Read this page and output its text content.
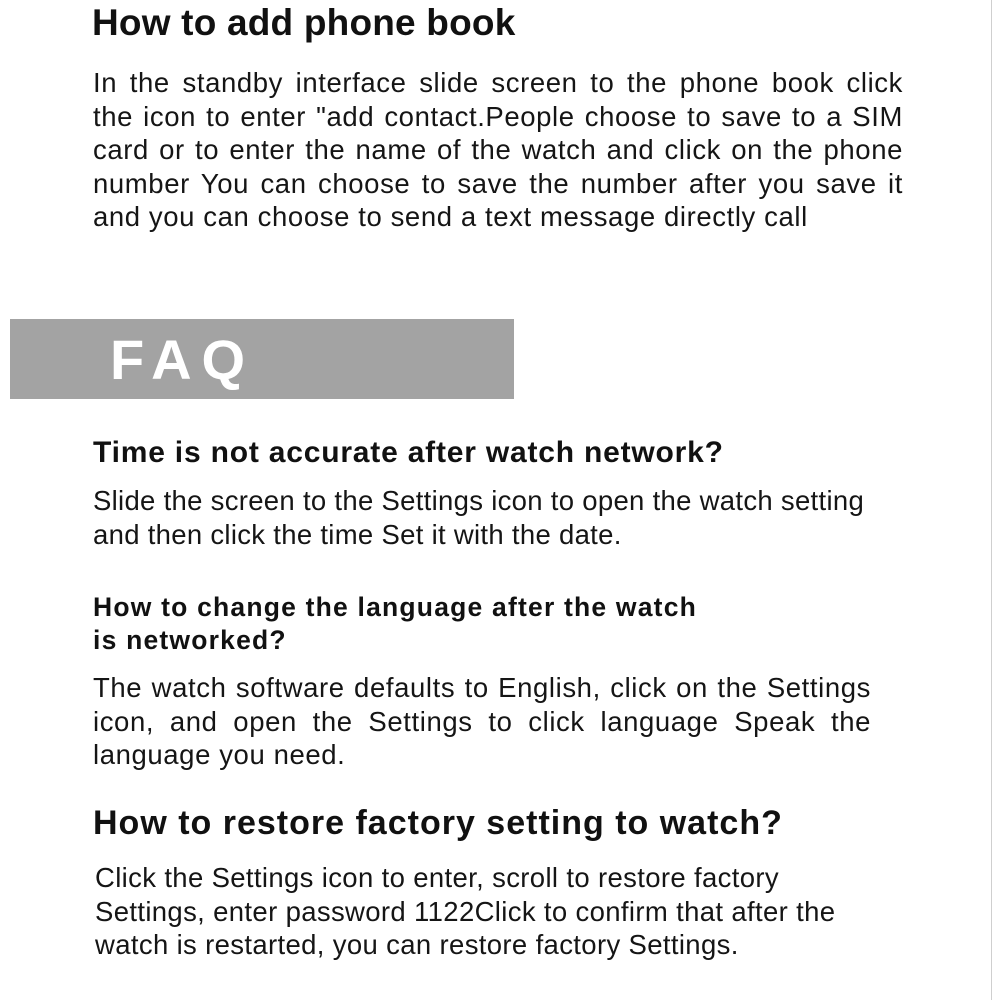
How to add phone book

In the standby interface slide screen to the phone book click the icon to enter "add contact.People choose to save to a SIM card or to enter the name of the watch and click on the phone number You can choose to save the number after you save it and you can choose to send a text message directly call

FAQ
Time is not accurate after watch network?

Slide the screen to the Settings icon to open the watch setting and then click the time Set it with the date.

How to change the language after the watch is networked?

The watch software defaults to English, click on the Settings icon, and open the Settings to click language Speak the language you need.

How to restore factory setting to watch?

Click the Settings icon to enter, scroll to restore factory Settings, enter password 1122Click to confirm that after the watch is restarted, you can restore factory Settings.
